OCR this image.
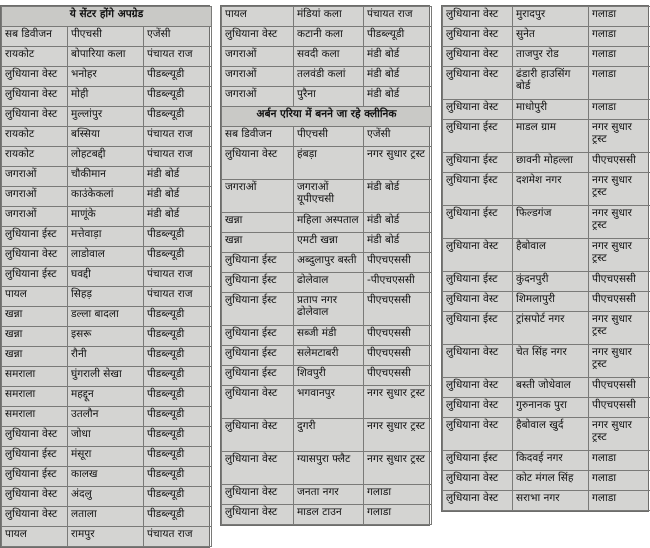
ये सेंटर होंगे अपग्रेड		
सब डिवीजन	पीएचसी	एजेंसी
रायकोट	बोपारिया कला	पंचायत राज
लुधियाना वेस्ट	भनोहर	पीडब्ल्यूडी
लुधियाना वेस्ट	मोही	पीडब्ल्यूडी
लुधियाना वेस्ट	मुल्लांपुर	पीडब्ल्यूडी
रायकोट	बस्सिया	पंचायत राज
रायकोट	लोहटबद्दी	पंचायत राज
जगराओं	चौकीमान	मंडी बोर्ड
जगराओं	काउंकेकलां	मंडी बोर्ड
जगराओं	माणूंके	मंडी बोर्ड
लुधियाना ईस्ट	मत्तेवाड़ा	पीडब्ल्यूडी
लुधियाना वेस्ट	लाडोवाल	पीडब्ल्यूडी
लुधियाना ईस्ट	घवद्दी	पंचायत राज
पायल	सिहड़	पंचायत राज
खन्ना	डल्ला बादला	पीडब्ल्यूडी
खन्ना	इसरू	पीडब्ल्यूडी
खन्ना	रौनी	पीडब्ल्यूडी
समराला	घुंगराली सेखा	पीडब्ल्यूडी
समराला	महद्दून	पीडब्ल्यूडी
समराला	उतलौन	पीडब्ल्यूडी
लुधियाना वेस्ट	जोधा	पीडब्ल्यूडी
लुधियाना ईस्ट	मंसूरा	पीडब्ल्यूडी
लुधियाना ईस्ट	कालख	पीडब्ल्यूडी
लुधियाना वेस्ट	अंदलु	पीडब्ल्यूडी
लुधियाना वेस्ट	लताला	पीडब्ल्यूडी
पायल	रामपुर	पंचायत राज
पायल	मंडियां कला	पंचायत राज
लुधियाना वेस्ट	कटानी कला	पीडब्ल्यूडी
जगराओं	सवदी कला	मंडी बोर्ड
जगराओं	तलवंडी कलां	मंडी बोर्ड
जगराओं	पुरैना	मंडी बोर्ड
अर्बन एरिया में बनने जा रहे क्लीनिक		
सब डिवीजन	पीएचसी	एजेंसी
लुधियाना वेस्ट	हंबड़ा	नगर सुधार ट्रस्ट
जगराओं	जगराओं यूपीएचसी	मंडी बोर्ड
खन्ना	महिला अस्पताल	मंडी बोर्ड
खन्ना	एमटी खन्ना	मंडी बोर्ड
लुधियाना ईस्ट	अब्दुलापुर बस्ती	पीएचएससी
लुधियाना ईस्ट	ढोलेवाल	-पीएचएससी
लुधियाना ईस्ट	प्रताप नगर ढोलेवाल	पीएचएससी
लुधियाना ईस्ट	सब्जी मंडी	पीएचएससी
लुधियाना ईस्ट	सलेमटाबरी	पीएचएससी
लुधियाना ईस्ट	शिवपुरी	पीएचएससी
लुधियाना वेस्ट	भगवानपुर	नगर सुधार ट्रस्ट
लुधियाना वेस्ट	दुगरी	नगर सुधार ट्रस्ट
लुधियाना वेस्ट	ग्यासपुरा फ्लैट	नगर सुधार ट्रस्ट
लुधियाना वेस्ट	जनता नगर	गलाडा
लुधियाना वेस्ट	माडल टाउन	गलाडा
लुधियाना वेस्ट	मुरादपुर	गलाडा
लुधियाना वेस्ट	सुनेत	गलाडा
लुधियाना वेस्ट	ताजपुर रोड	गलाडा
लुधियाना वेस्ट	ढंडारी हाउसिंग बोर्ड	गलाडा
लुधियाना वेस्ट	माधोपुरी	गलाडा
लुधियाना ईस्ट	माडल ग्राम	नगर सुधार ट्रस्ट
लुधियाना ईस्ट	छावनी मोहल्ला	पीएचएससी
लुधियाना ईस्ट	दशमेश नगर	नगर सुधार ट्रस्ट
लुधियाना ईस्ट	फिल्डगंज	नगर सुधार ट्रस्ट
लुधियाना वेस्ट	हैबोवाल	नगर सुधार ट्रस्ट
लुधियाना ईस्ट	कुंदनपुरी	पीएचएससी
लुधियाना वेस्ट	शिमलापुरी	पीएचएससी
लुधियाना ईस्ट	ट्रांसपोर्ट नगर	नगर सुधार ट्रस्ट
लुधियाना वेस्ट	चेत सिंह नगर	नगर सुधार ट्रस्ट
लुधियाना वेस्ट	बस्ती जोधेवाल	पीएचएससी
लुधियाना वेस्ट	गुरुनानक पुरा	पीएचएससी
लुधियाना वेस्ट	हैबोवाल खुर्द	नगर सुधार ट्रस्ट
लुधियाना ईस्ट	किदवई नगर	गलाडा
लुधियाना वेस्ट	कोट मंगल सिंह	गलाडा
लुधियाना वेस्ट	सराभा नगर	गलाडा
